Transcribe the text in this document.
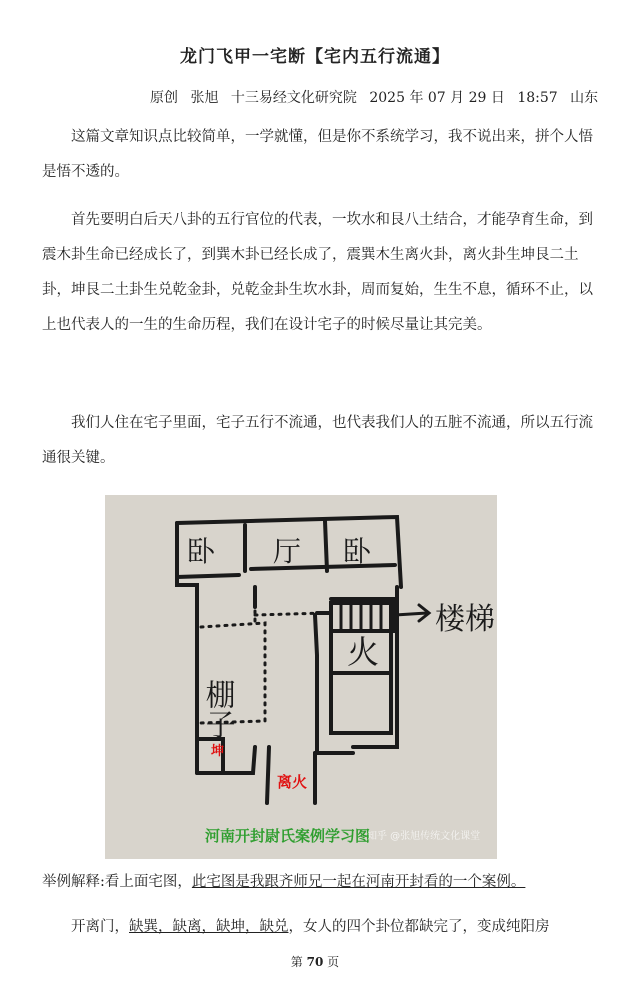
龙门飞甲一宅断【宅内五行流通】
原创 张旭 十三易经文化研究院 2025 年 07 月 29 日 18:57 山东

这篇文章知识点比较简单，一学就懂，但是你不系统学习，我不说出来，拼个人悟是悟不透的。

首先要明白后天八卦的五行官位的代表，一坎水和艮八土结合，才能孕育生命，到震木卦生命已经成长了，到巽木卦已经长成了，震巽木生离火卦，离火卦生坤艮二土卦，坤艮二土卦生兑乾金卦，兑乾金卦生坎水卦，周而复始，生生不息，循环不止，以上也代表人的一生的生命历程，我们在设计宅子的时候尽量让其完美。

我们人住在宅子里面，宅子五行不流通，也代表我们人的五脏不流通，所以五行流通很关键。

卧 厅 卧
楼梯
火
棚子
坤
离火
河南开封尉氏案例学习图
知乎 @张旭传统文化课堂
举例解释:看上面宅图，此宅图是我跟齐师兄一起在河南开封看的一个案例。
开离门，缺巽，缺离，缺坤，缺兑，女人的四个卦位都缺完了，变成纯阳房
第 70 页
